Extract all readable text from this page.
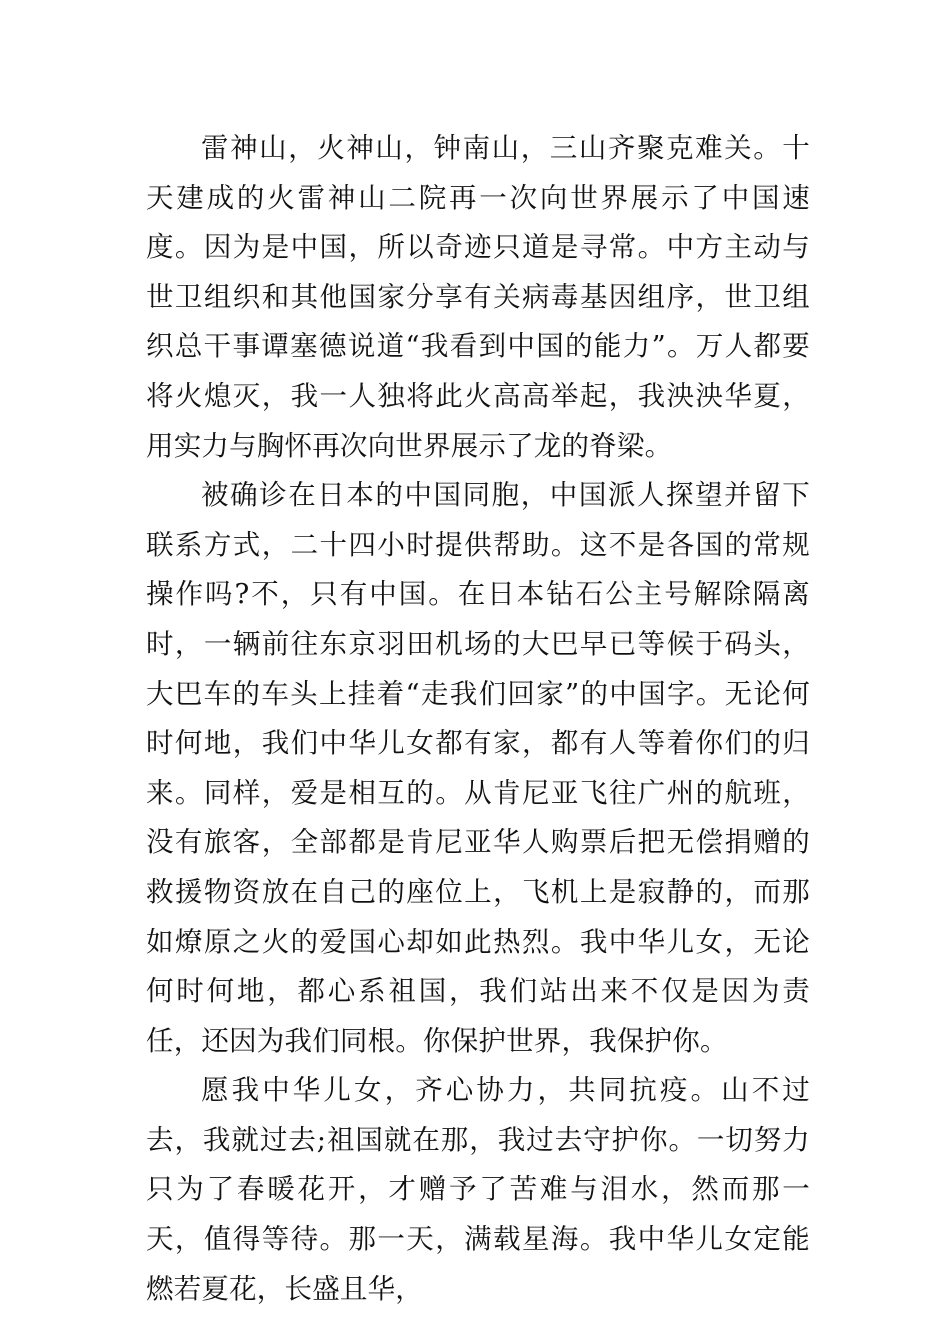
雷神山，火神山，钟南山，三山齐聚克难关。十天建成的火雷神山二院再一次向世界展示了中国速度。因为是中国，所以奇迹只道是寻常。中方主动与世卫组织和其他国家分享有关病毒基因组序，世卫组织总干事谭塞德说道“我看到中国的能力”。万人都要将火熄灭，我一人独将此火高高举起，我泱泱华夏，用实力与胸怀再次向世界展示了龙的脊梁。

被确诊在日本的中国同胞，中国派人探望并留下联系方式，二十四小时提供帮助。这不是各国的常规操作吗?不，只有中国。在日本钻石公主号解除隔离时，一辆前往东京羽田机场的大巴早已等候于码头，大巴车的车头上挂着“走我们回家”的中国字。无论何时何地，我们中华儿女都有家，都有人等着你们的归来。同样，爱是相互的。从肯尼亚飞往广州的航班，没有旅客，全部都是肯尼亚华人购票后把无偿捐赠的救援物资放在自己的座位上，飞机上是寂静的，而那如燎原之火的爱国心却如此热烈。我中华儿女，无论何时何地，都心系祖国，我们站出来不仅是因为责任，还因为我们同根。你保护世界，我保护你。

愿我中华儿女，齐心协力，共同抗疫。山不过去，我就过去;祖国就在那，我过去守护你。一切努力只为了春暖花开，才赠予了苦难与泪水，然而那一天，值得等待。那一天，满载星海。我中华儿女定能燃若夏花，长盛且华，
